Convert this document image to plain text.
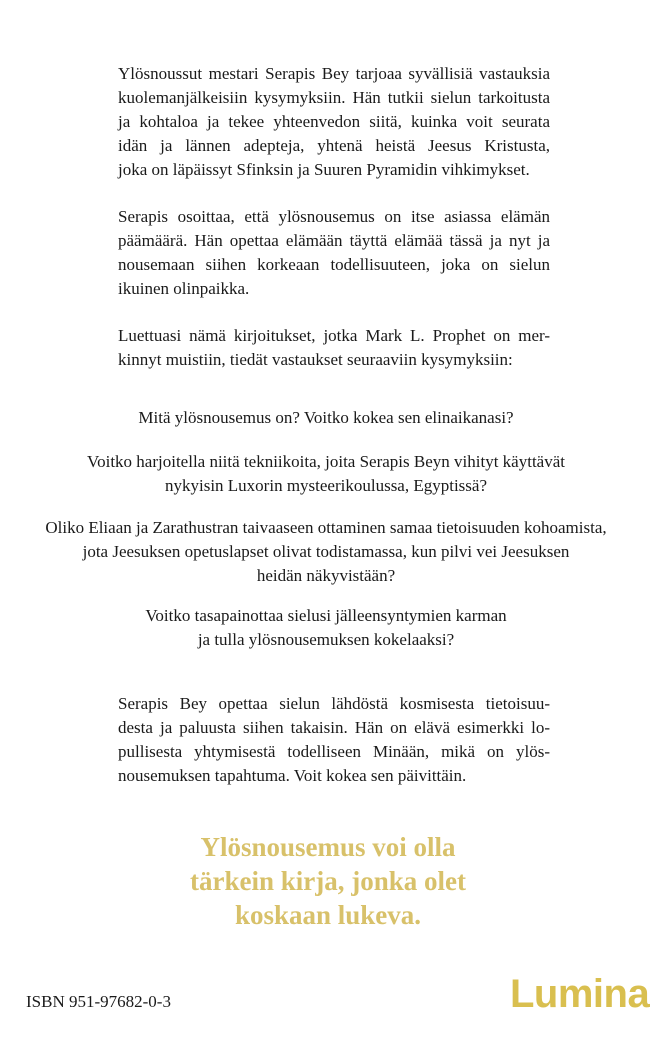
Ylösnoussut mestari Serapis Bey tarjoaa syvällisiä vastauksia
kuolemanjälkeisiin kysymyksiin. Hän tutkii sielun tarkoitusta
ja kohtaloa ja tekee yhteenvedon siitä, kuinka voit seurata
idän ja lännen adepteja, yhtenä heistä Jeesus Kristusta,
joka on läpäissyt Sfinksin ja Suuren Pyramidin vihkimykset.
Serapis osoittaa, että ylösnousemus on itse asiassa elämän
päämäärä. Hän opettaa elämään täyttä elämää tässä ja nyt ja
nousemaan siihen korkeaan todellisuuteen, joka on sielun
ikuinen olinpaikka.
Luettuasi nämä kirjoitukset, jotka Mark L. Prophet on mer-
kinnyt muistiin, tiedät vastaukset seuraaviin kysymyksiin:
Mitä ylösnousemus on? Voitko kokea sen elinaikanasi?
Voitko harjoitella niitä tekniikoita, joita Serapis Beyn vihityt käyttävät
nykyisin Luxorin mysteerikoulussa, Egyptissä?
Oliko Eliaan ja Zarathustran taivaaseen ottaminen samaa tietoisuuden kohoamista,
jota Jeesuksen opetuslapset olivat todistamassa, kun pilvi vei Jeesuksen
heidän näkyvistään?
Voitko tasapainottaa sielusi jälleensyntymien karman
ja tulla ylösnousemuksen kokelaaksi?
Serapis Bey opettaa sielun lähdöstä kosmisesta tietoisuu-
desta ja paluusta siihen takaisin. Hän on elävä esimerkki lo-
pullisesta yhtymisestä todelliseen Minään, mikä on ylös-
nousemuksen tapahtuma. Voit kokea sen päivittäin.
Ylösnousemus voi olla
tärkein kirja, jonka olet
koskaan lukeva.
ISBN 951-97682-0-3	Lumina
